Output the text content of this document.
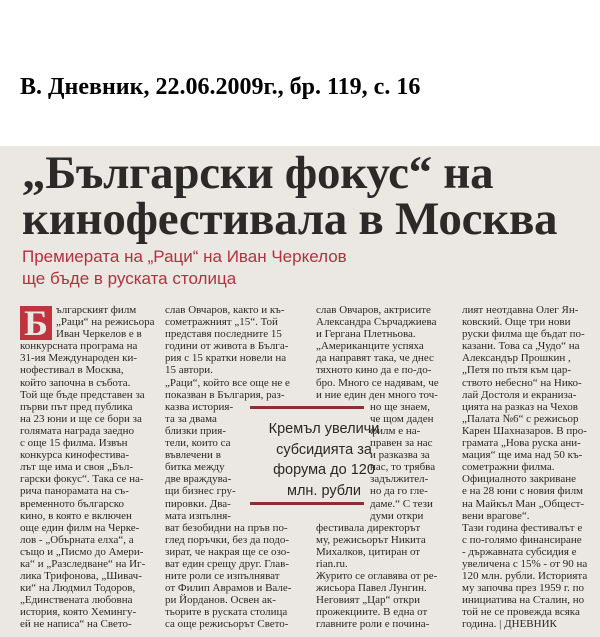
В. Дневник, 22.06.2009г., бр. 119, с. 16
„Български фокус“ на
кинофестивала в Москва
Премиерата на „Раци“ на Иван Черкелов
ще бъде в руската столица
ългарският филм
„Раци“ на режисьора
Иван Черкелов е в
конкурсната програма на
31-ия Международен ки-
нофестивал в Москва,
който започна в събота.
Той ще бъде представен за
първи път пред публика
на 23 юни и ще се бори за
голямата награда заедно
с още 15 филма. Извън
конкурса кинофестива-
лът ще има и своя „Бъл-
гарски фокус“. Така се на-
рича панорамата на съ-
временното българско
кино, в която е включен
още един филм на Черке-
лов - „Обърната елха“, а
също и „Писмо до Амери-
ка“ и „Разследване“ на Иг-
лика Трифонова, „Шивач-
ки“ на Людмил Тодоров,
„Единствената любовна
история, която Хемингу-
ей не написа“ на Свето-
слав Овчаров, както и къ-
сометражният „15“. Той
представя последните 15
години от живота в Бълга-
рия с 15 кратки новели на
15 автори.
„Раци“, който все още не е
показван в България, раз-
казва история-
та за двама
близки прия-
тели, които са
въвлечени в
битка между
две враждува-
щи бизнес гру-
пировки. Два-
мата изпълня-
ват безобидни на пръв по-
глед поръчки, без да подо-
зират, че накрая ще се озо-
ват един срещу друг. Глав-
ните роли се изпълняват
от Филип Аврамов и Вале-
ри Йорданов. Освен ак-
тьорите в руската столица
са още режисьорът Свето-
слав Овчаров, актрисите
Александра Сърчаджиева
и Гергана Плетньова.
„Американците успяха
да направят така, че днес
тяхното кино да е по-до-
бро. Много се надявам, че
и ние един ден много точ-
но ще знаем,
че щом даден
филм е на-
правен за нас
и разказва за
нас, то трябва
задължител-
но да го гле-
даме.“ С тези
думи откри
фестивала директорът
му, режисьорът Никита
Михалков, цитиран от
rian.ru.
Журито се оглавява от ре-
жисьора Павел Лунгин.
Неговият „Цар“ откри
прожекциите. В една от
главните роли е почина-
лият неотдавна Олег Ян-
ковский. Още три нови
руски филма ще бъдат по-
казани. Това са „Чудо“ на
Александър Прошкин ,
„Петя по пътя към цар-
ството небесно“ на Нико-
лай Достоля и екраниза-
цията на разказ на Чехов
„Палата №6“ с режисьор
Карен Шахназаров. В про-
грамата „Нова руска ани-
мация“ ще има над 50 къ-
сометражни филма.
Официалното закриване
е на 28 юни с новия филм
на Майкъл Ман „Общест-
вени врагове“.
Тази година фестивалът е
с по-голямо финансиране
- държавната субсидия е
увеличена с 15% - от 90 на
120 млн. рубли. Историята
му започва през 1959 г. по
инициатива на Сталин, но
той не се провежда всяка
година. | ДНЕВНИК
Б
Кремъл увеличи
субсидията за
форума до 120
млн. рубли
